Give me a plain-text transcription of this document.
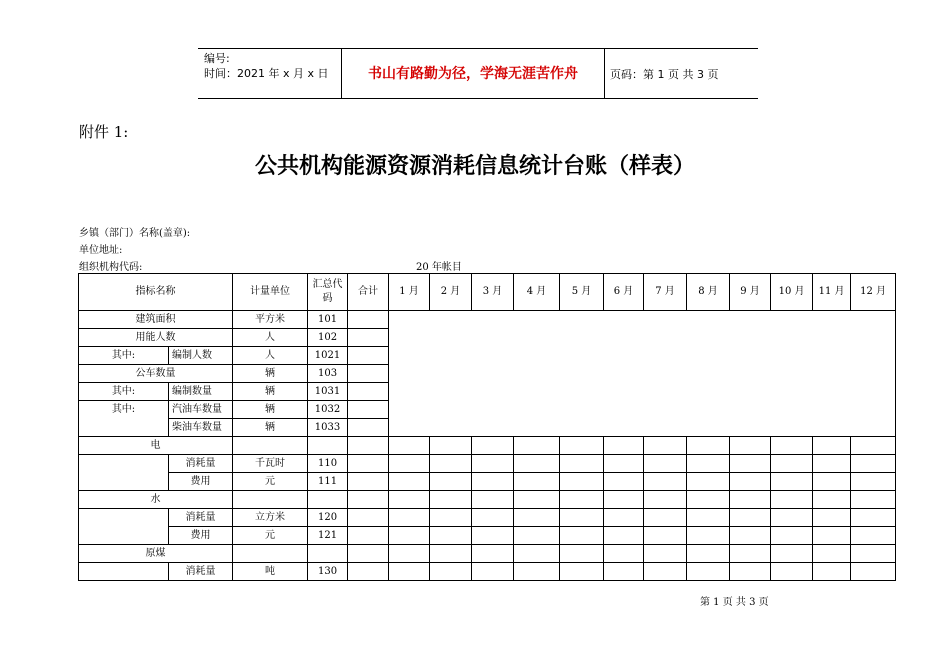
编号:
时间：2021 年 x 月 x 日	书山有路勤为径，学海无涯苦作舟	页码：第 1 页 共 3 页
附件 1:
公共机构能源资源消耗信息统计台账（样表）
乡镇（部门）名称(盖章):
单位地址:
组织机构代码:	20 年帐目
指标名称		计量单位	汇总代码	合计	1 月	2 月	3 月	4 月	5 月	6 月	7 月	8 月	9 月	10 月	11 月	12 月
建筑面积		平方米	101													
用能人数		人	102													
其中:	编制人数	人	1021													
公车数量		辆	103													
其中:	编制数量	辆	1031													
其中:	汽油车数量	辆	1032													
	柴油车数量	辆	1033													
电																
	消耗量	千瓦时	110													
	费用	元	111													
水																
	消耗量	立方米	120													
	费用	元	121													
原煤																
	消耗量	吨	130													
第 1 页 共 3 页
